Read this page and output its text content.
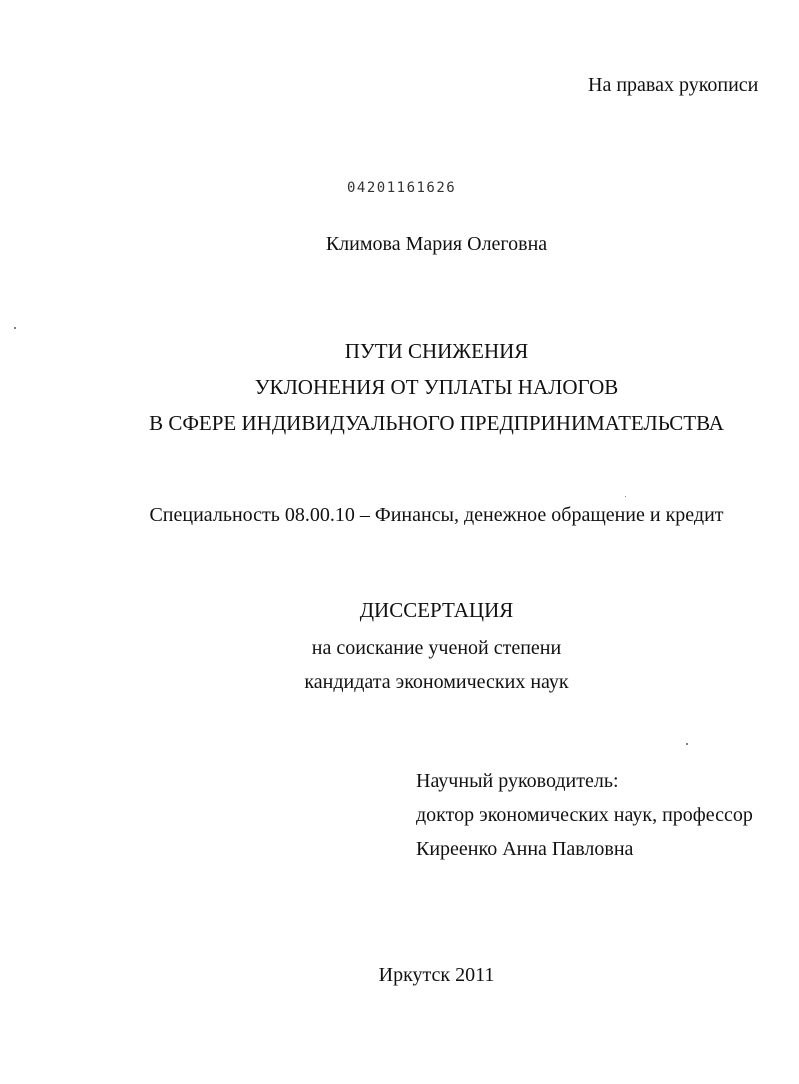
На правах рукописи
04201161626
Климова Мария Олеговна
ПУТИ СНИЖЕНИЯ
УКЛОНЕНИЯ ОТ УПЛАТЫ НАЛОГОВ
В СФЕРЕ ИНДИВИДУАЛЬНОГО ПРЕДПРИНИМАТЕЛЬСТВА
Специальность 08.00.10 – Финансы, денежное обращение и кредит
ДИССЕРТАЦИЯ
на соискание ученой степени
кандидата экономических наук
Научный руководитель:
доктор экономических наук, профессор
Киреенко Анна Павловна
Иркутск 2011
